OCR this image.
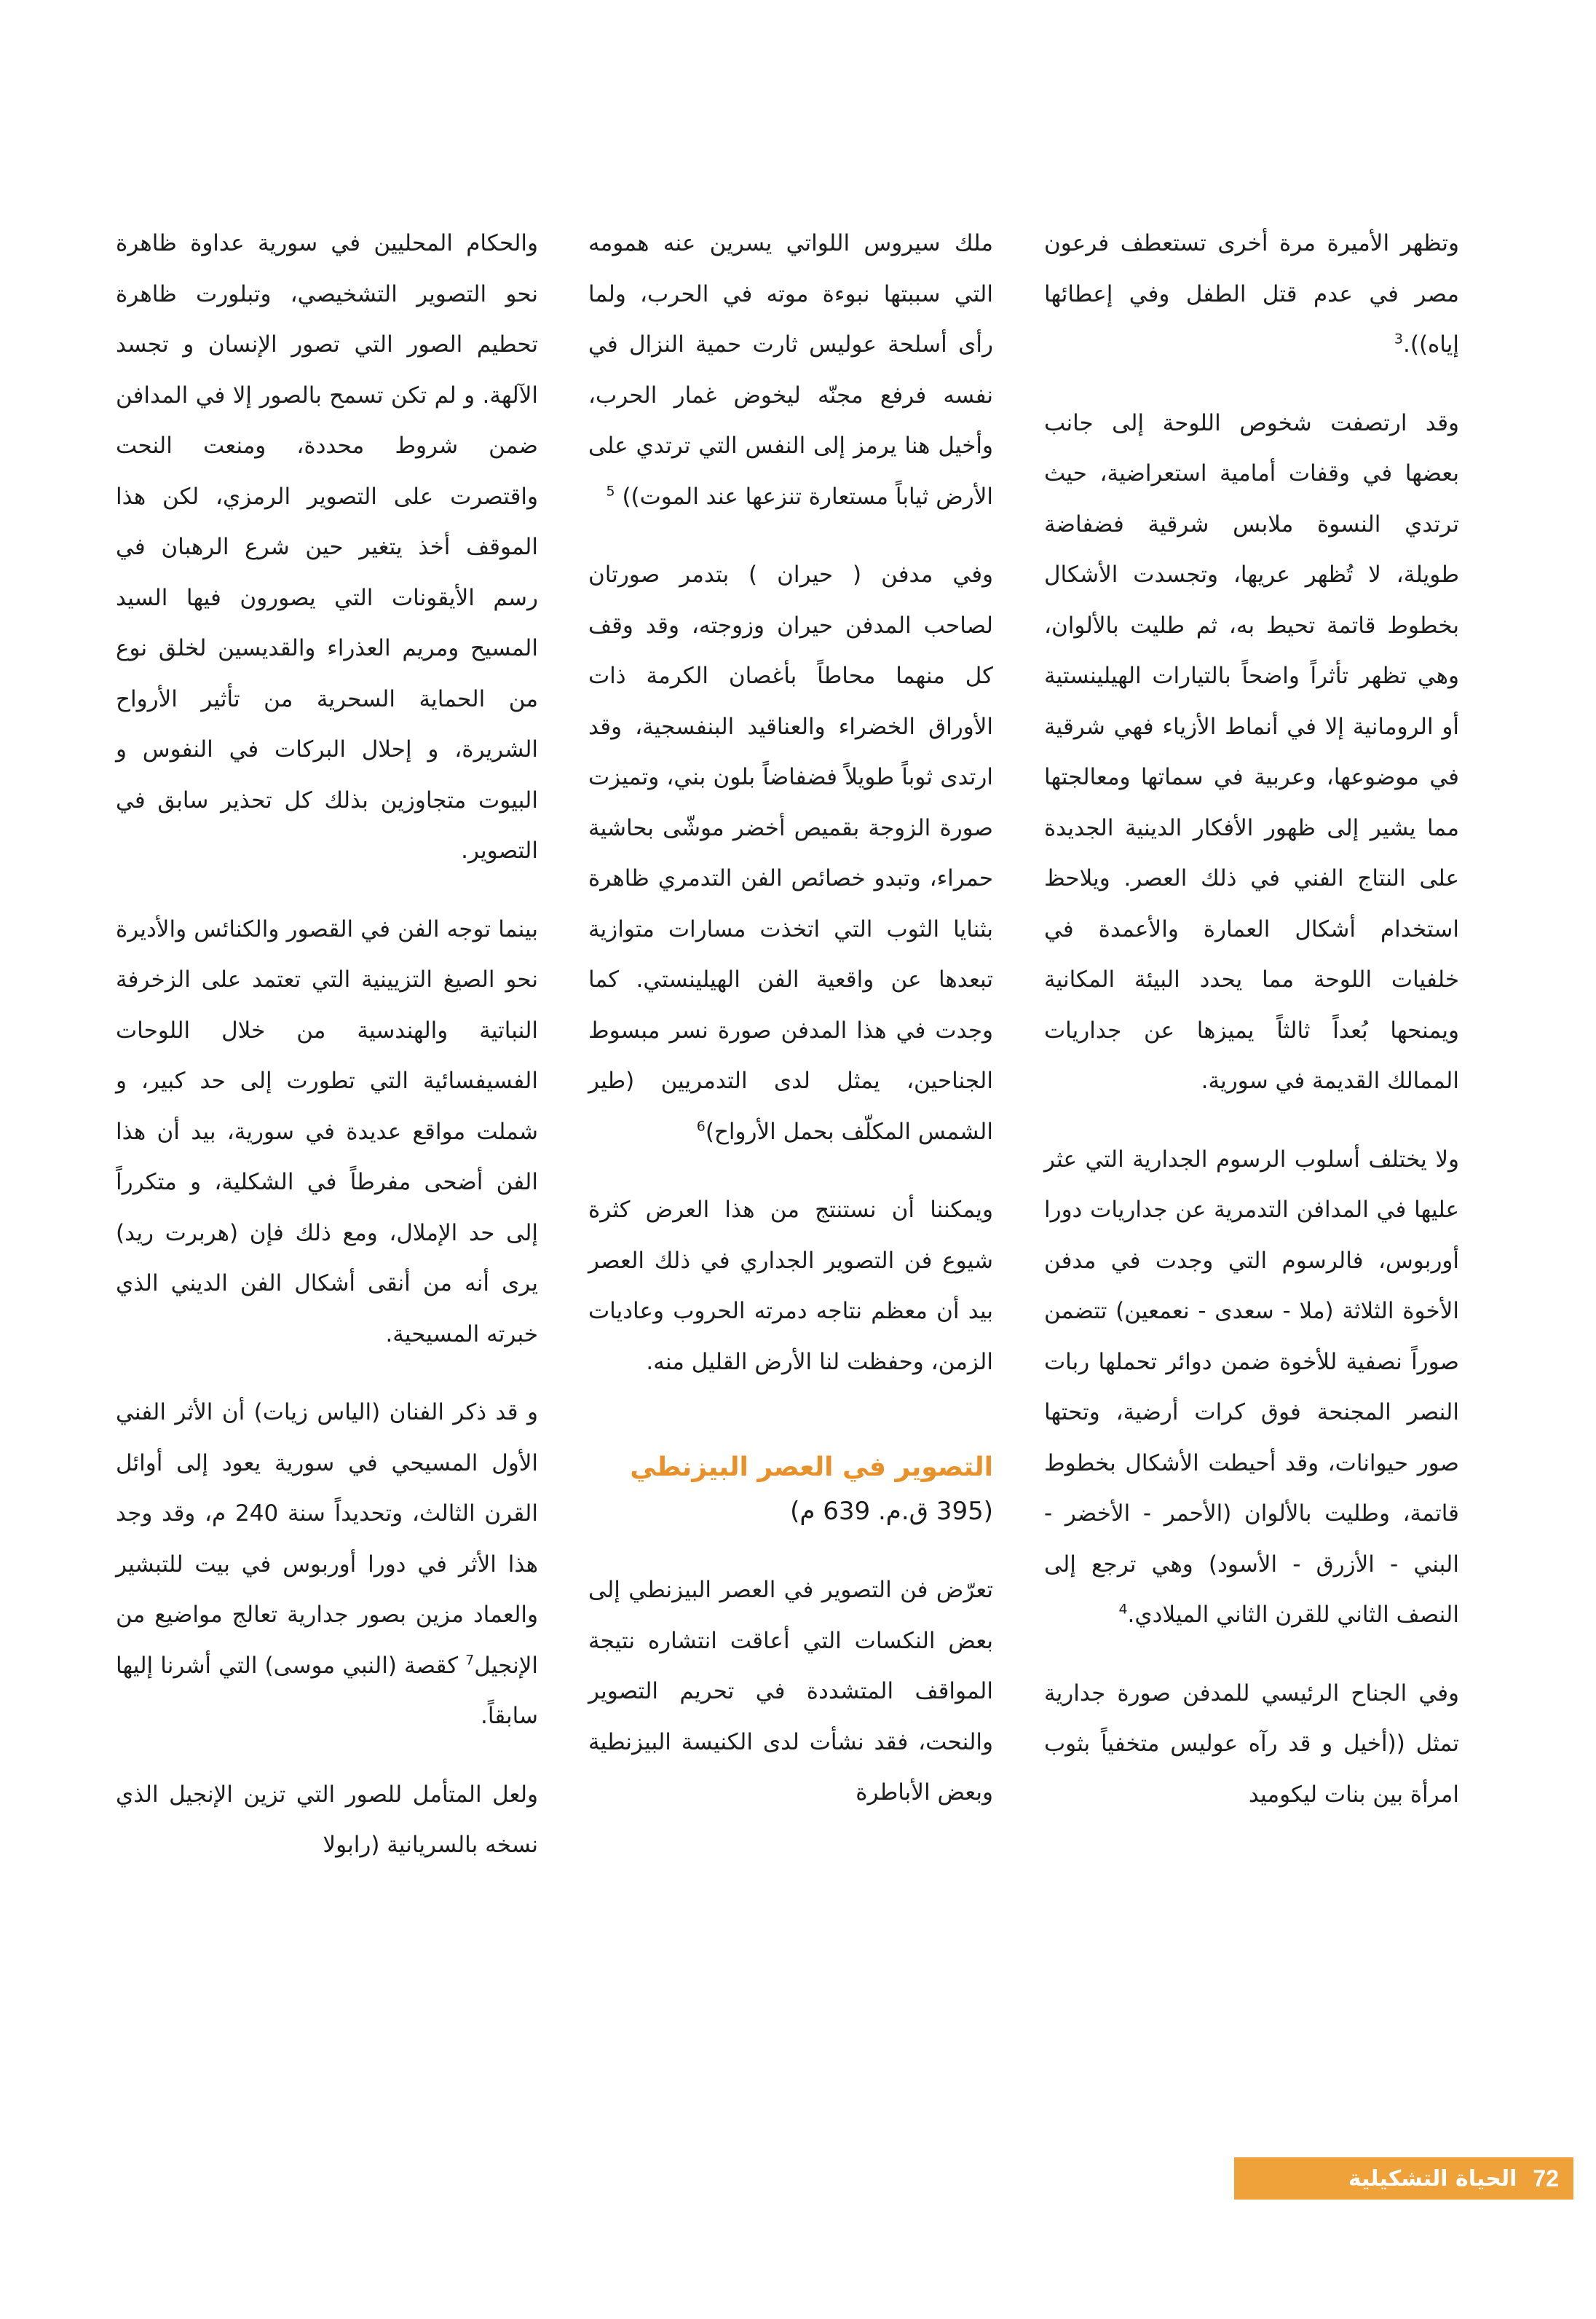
وتظهر الأميرة مرة أخرى تستعطف فرعون مصر في عدم قتل الطفل وفي إعطائها إياه)).$^3$

وقد ارتصفت شخوص اللوحة إلى جانب بعضها في وقفات أمامية استعراضية، حيث ترتدي النسوة ملابس شرقية فضفاضة طويلة، لا تُظهر عريها، وتجسدت الأشكال بخطوط قاتمة تحيط به، ثم طليت بالألوان، وهي تظهر تأثراً واضحاً بالتيارات الهيلينستية أو الرومانية إلا في أنماط الأزياء فهي شرقية في موضوعها، وعربية في سماتها ومعالجتها مما يشير إلى ظهور الأفكار الدينية الجديدة على النتاج الفني في ذلك العصر. ويلاحظ استخدام أشكال العمارة والأعمدة في خلفيات اللوحة مما يحدد البيئة المكانية ويمنحها بُعداً ثالثاً يميزها عن جداريات الممالك القديمة في سورية.

ولا يختلف أسلوب الرسوم الجدارية التي عثر عليها في المدافن التدمرية عن جداريات دورا أوربوس، فالرسوم التي وجدت في مدفن الأخوة الثلاثة (ملا - سعدى - نعمعين) تتضمن صوراً نصفية للأخوة ضمن دوائر تحملها ربات النصر المجنحة فوق كرات أرضية، وتحتها صور حيوانات، وقد أحيطت الأشكال بخطوط قاتمة، وطليت بالألوان (الأحمر - الأخضر - البني - الأزرق - الأسود) وهي ترجع إلى النصف الثاني للقرن الثاني الميلادي.$^4$

وفي الجناح الرئيسي للمدفن صورة جدارية تمثل ((أخيل و قد رآه عوليس متخفياً بثوب امرأة بين بنات ليكوميد

ملك سيروس اللواتي يسرين عنه همومه التي سببتها نبوءة موته في الحرب، ولما رأى أسلحة عوليس ثارت حمية النزال في نفسه فرفع مجنّه ليخوض غمار الحرب، وأخيل هنا يرمز إلى النفس التي ترتدي على الأرض ثياباً مستعارة تنزعها عند الموت)) $^5$

وفي مدفن ( حيران ) بتدمر صورتان لصاحب المدفن حيران وزوجته، وقد وقف كل منهما محاطاً بأغصان الكرمة ذات الأوراق الخضراء والعناقيد البنفسجية، وقد ارتدى ثوباً طويلاً فضفاضاً بلون بني، وتميزت صورة الزوجة بقميص أخضر موشّى بحاشية حمراء، وتبدو خصائص الفن التدمري ظاهرة بثنايا الثوب التي اتخذت مسارات متوازية تبعدها عن واقعية الفن الهيلينستي. كما وجدت في هذا المدفن صورة نسر مبسوط الجناحين، يمثل لدى التدمريين (طير الشمس المكلّف بحمل الأرواح)$^6$

ويمكننا أن نستنتج من هذا العرض كثرة شيوع فن التصوير الجداري في ذلك العصر بيد أن معظم نتاجه دمرته الحروب وعاديات الزمن، وحفظت لنا الأرض القليل منه.

التصوير في العصر البيزنطي
(395 ق.م. 639 م)

تعرّض فن التصوير في العصر البيزنطي إلى بعض النكسات التي أعاقت انتشاره نتيجة المواقف المتشددة في تحريم التصوير والنحت، فقد نشأت لدى الكنيسة البيزنطية وبعض الأباطرة

والحكام المحليين في سورية عداوة ظاهرة نحو التصوير التشخيصي، وتبلورت ظاهرة تحطيم الصور التي تصور الإنسان و تجسد الآلهة. و لم تكن تسمح بالصور إلا في المدافن ضمن شروط محددة، ومنعت النحت واقتصرت على التصوير الرمزي، لكن هذا الموقف أخذ يتغير حين شرع الرهبان في رسم الأيقونات التي يصورون فيها السيد المسيح ومريم العذراء والقديسين لخلق نوع من الحماية السحرية من تأثير الأرواح الشريرة، و إحلال البركات في النفوس و البيوت متجاوزين بذلك كل تحذير سابق في التصوير.

بينما توجه الفن في القصور والكنائس والأديرة نحو الصيغ التزيينية التي تعتمد على الزخرفة النباتية والهندسية من خلال اللوحات الفسيفسائية التي تطورت إلى حد كبير، و شملت مواقع عديدة في سورية، بيد أن هذا الفن أضحى مفرطاً في الشكلية، و متكرراً إلى حد الإملال، ومع ذلك فإن (هربرت ريد) يرى أنه من أنقى أشكال الفن الديني الذي خبرته المسيحية.

و قد ذكر الفنان (الياس زيات) أن الأثر الفني الأول المسيحي في سورية يعود إلى أوائل القرن الثالث، وتحديداً سنة 240 م، وقد وجد هذا الأثر في دورا أوربوس في بيت للتبشير والعماد مزين بصور جدارية تعالج مواضيع من الإنجيل$^7$ كقصة (النبي موسى) التي أشرنا إليها سابقاً.

ولعل المتأمل للصور التي تزين الإنجيل الذي نسخه بالسريانية (رابولا

72
الحياة التشكيلية
